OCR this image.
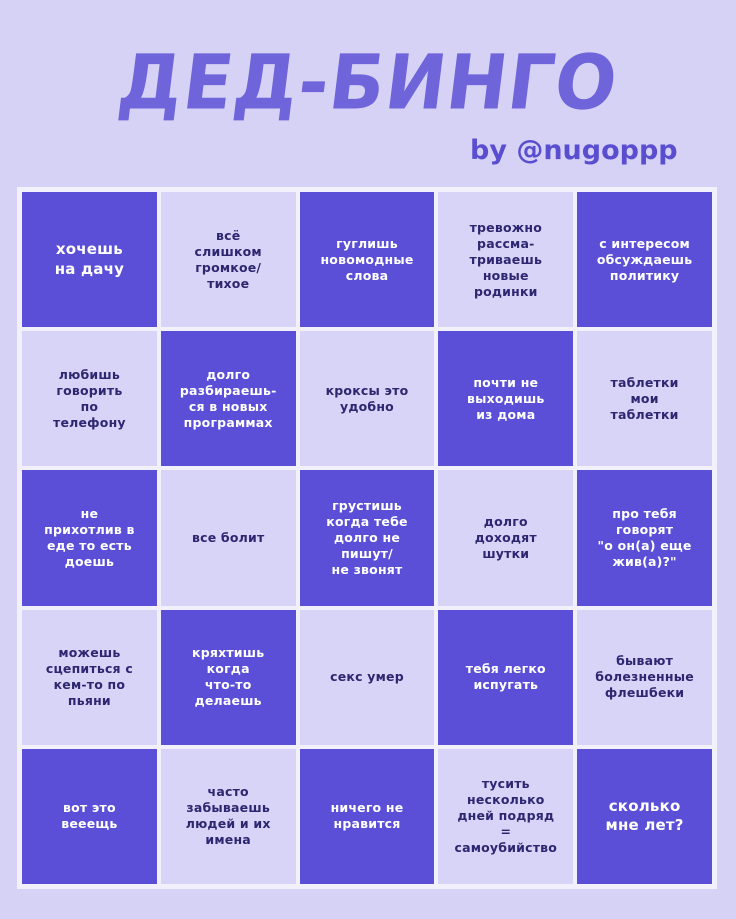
ДЕД-БИНГО
by @nugoppp
хочешь
на дачу
всё
слишком
громкое/
тихое
гуглишь
новомодные
слова
тревожно
рассма-
триваешь
новые
родинки
с интересом
обсуждаешь
политику
любишь
говорить
по
телефону
долго
разбираешь-
ся в новых
программах
кроксы это
удобно
почти не
выходишь
из дома
таблетки
мои
таблетки
не
прихотлив в
еде то есть
доешь
все болит
грустишь
когда тебе
долго не
пишут/
не звонят
долго
доходят
шутки
про тебя
говорят
"о он(а) еще
жив(а)?"
можешь
сцепиться с
кем-то по
пьяни
кряхтишь
когда
что-то
делаешь
секс умер
тебя легко
испугать
бывают
болезненные
флешбеки
вот это
вееещь
часто
забываешь
людей и их
имена
ничего не
нравится
тусить
несколько
дней подряд
=
самоубийство
сколько
мне лет?
